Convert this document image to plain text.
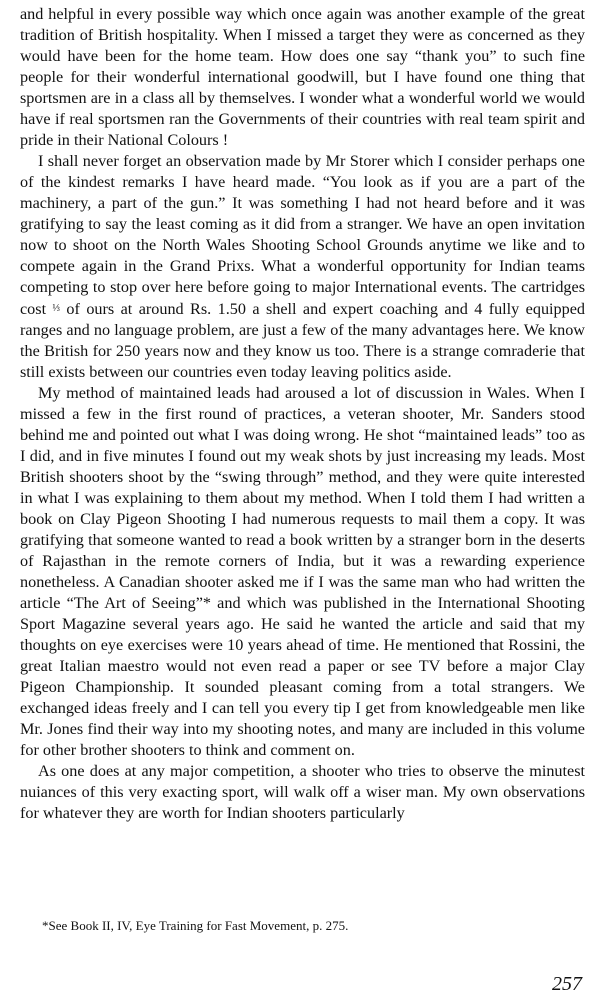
and helpful in every possible way which once again was another example of the great tradition of British hospitality. When I missed a target they were as concerned as they would have been for the home team. How does one say “thank you” to such fine people for their wonderful international goodwill, but I have found one thing that sportsmen are in a class all by themselves. I wonder what a wonderful world we would have if real sportsmen ran the Governments of their countries with real team spirit and pride in their National Colours !

I shall never forget an observation made by Mr Storer which I consider perhaps one of the kindest remarks I have heard made. “You look as if you are a part of the machinery, a part of the gun.” It was something I had not heard before and it was gratifying to say the least coming as it did from a stranger. We have an open invitation now to shoot on the North Wales Shooting School Grounds anytime we like and to compete again in the Grand Prixs. What a wonderful opportunity for Indian teams competing to stop over here before going to major International events. The cartridges cost ⅓ of ours at around Rs. 1.50 a shell and expert coaching and 4 fully equipped ranges and no language problem, are just a few of the many advantages here. We know the British for 250 years now and they know us too. There is a strange comraderie that still exists between our countries even today leaving politics aside.

My method of maintained leads had aroused a lot of discussion in Wales. When I missed a few in the first round of practices, a veteran shooter, Mr. Sanders stood behind me and pointed out what I was doing wrong. He shot “maintained leads” too as I did, and in five minutes I found out my weak shots by just increasing my leads. Most British shooters shoot by the “swing through” method, and they were quite interested in what I was explaining to them about my method. When I told them I had written a book on Clay Pigeon Shooting I had numerous requests to mail them a copy. It was gratifying that someone wanted to read a book written by a stranger born in the deserts of Rajasthan in the remote corners of India, but it was a rewarding experience nonetheless. A Canadian shooter asked me if I was the same man who had written the article “The Art of Seeing”* and which was published in the International Shooting Sport Magazine several years ago. He said he wanted the article and said that my thoughts on eye exercises were 10 years ahead of time. He mentioned that Rossini, the great Italian maestro would not even read a paper or see TV before a major Clay Pigeon Championship. It sounded pleasant coming from a total strangers. We exchanged ideas freely and I can tell you every tip I get from knowledgeable men like Mr. Jones find their way into my shooting notes, and many are included in this volume for other brother shooters to think and comment on.

As one does at any major competition, a shooter who tries to observe the minutest nuiances of this very exacting sport, will walk off a wiser man. My own observations for whatever they are worth for Indian shooters particularly

*See Book II, IV, Eye Training for Fast Movement, p. 275.
257
